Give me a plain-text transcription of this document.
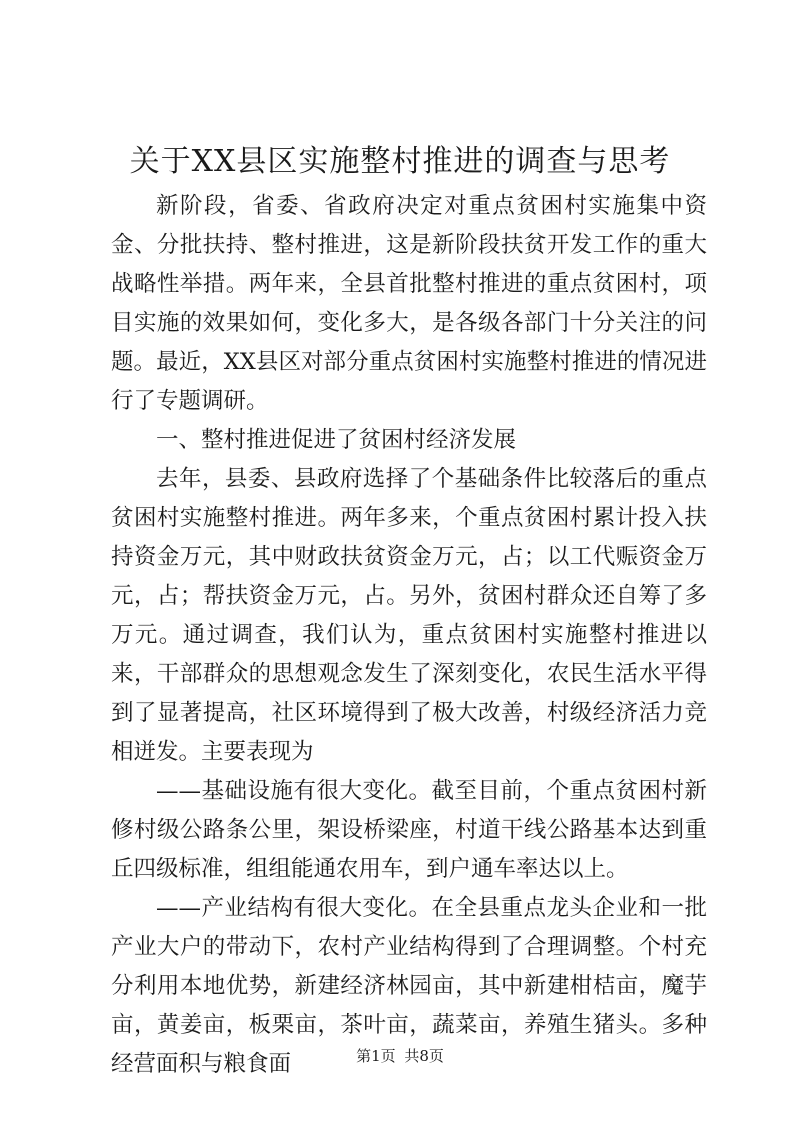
关于XX县区实施整村推进的调查与思考

新阶段，省委、省政府决定对重点贫困村实施集中资金、分批扶持、整村推进，这是新阶段扶贫开发工作的重大战略性举措。两年来，全县首批整村推进的重点贫困村，项目实施的效果如何，变化多大，是各级各部门十分关注的问题。最近，XX县区对部分重点贫困村实施整村推进的情况进行了专题调研。

一、整村推进促进了贫困村经济发展

去年，县委、县政府选择了个基础条件比较落后的重点贫困村实施整村推进。两年多来，个重点贫困村累计投入扶持资金万元，其中财政扶贫资金万元，占；以工代赈资金万元，占；帮扶资金万元，占。另外，贫困村群众还自筹了多万元。通过调查，我们认为，重点贫困村实施整村推进以来，干部群众的思想观念发生了深刻变化，农民生活水平得到了显著提高，社区环境得到了极大改善，村级经济活力竞相迸发。主要表现为

——基础设施有很大变化。截至目前，个重点贫困村新修村级公路条公里，架设桥梁座，村道干线公路基本达到重丘四级标准，组组能通农用车，到户通车率达以上。

——产业结构有很大变化。在全县重点龙头企业和一批产业大户的带动下，农村产业结构得到了合理调整。个村充分利用本地优势，新建经济林园亩，其中新建柑桔亩，魔芋亩，黄姜亩，板栗亩，茶叶亩，蔬菜亩，养殖生猪头。多种经营面积与粮食面	第1页 共8页
